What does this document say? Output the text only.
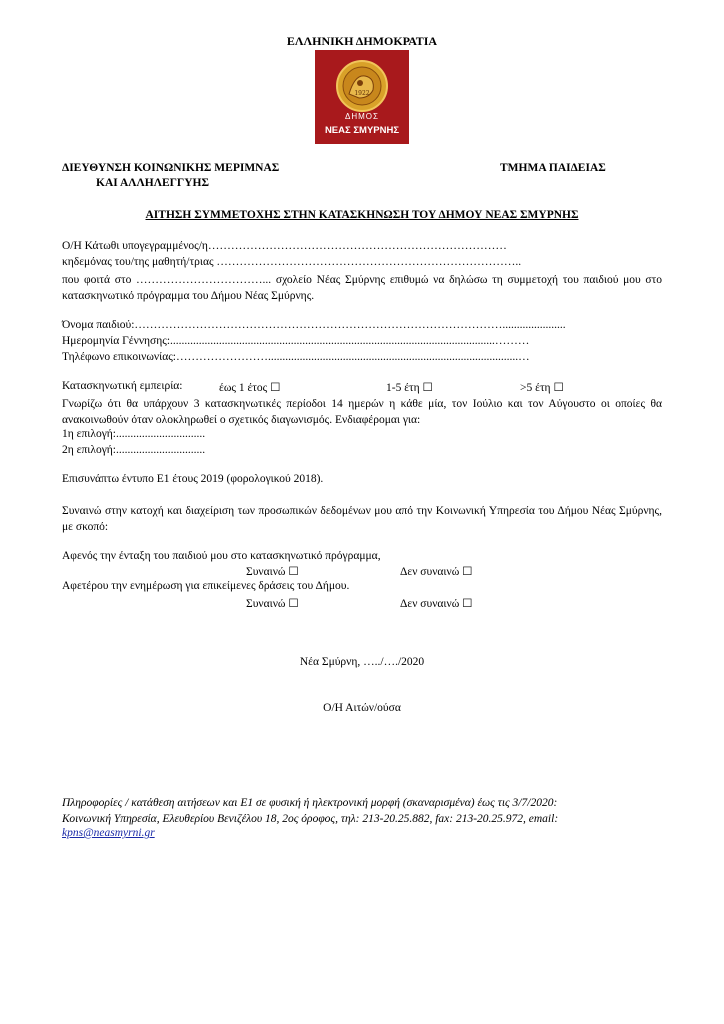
ΕΛΛΗΝΙΚΗ ΔΗΜΟΚΡΑΤΙΑ
1922
ΔΗΜΟΣ
ΝΕΑΣ ΣΜΥΡΝΗΣ
ΔΙΕΥΘΥΝΣΗ ΚΟΙΝΩΝΙΚΗΣ ΜΕΡΙΜΝΑΣ
ΚΑΙ ΑΛΛΗΛΕΓΓΥΗΣ
ΤΜΗΜΑ ΠΑΙΔΕΙΑΣ
ΑΙΤΗΣΗ ΣΥΜΜΕΤΟΧΗΣ ΣΤΗΝ ΚΑΤΑΣΚΗΝΩΣΗ ΤΟΥ ΔΗΜΟΥ ΝΕΑΣ ΣΜΥΡΝΗΣ
Ο/Η Κάτωθι υπογεγραμμένος/η……………………………………………………………………
κηδεμόνας του/της μαθητή/τριας ……………………………………………………………………..
που φοιτά στο ……………………………... σχολείο Νέας Σμύρνης επιθυμώ να δηλώσω τη συμμετοχή του παιδιού μου στο κατασκηνωτικό πρόγραμμα του Δήμου Νέας Σμύρνης.
Όνομα παιδιού:……………………………………………………………………………………......................
Ημερομηνία Γέννησης:.................................................................................................................………
Τηλέφωνο επικοινωνίας:…………………….......................................................................................…
Κατασκηνωτική εμπειρία:	έως 1 έτος ☐	1-5 έτη ☐	>5 έτη ☐
Γνωρίζω ότι θα υπάρχουν 3 κατασκηνωτικές περίοδοι 14 ημερών η κάθε μία, τον Ιούλιο και τον Αύγουστο οι οποίες θα ανακοινωθούν όταν ολοκληρωθεί ο σχετικός διαγωνισμός. Ενδιαφέρομαι για:
1η επιλογή:...............................
2η επιλογή:...............................
Επισυνάπτω έντυπο Ε1 έτους 2019 (φορολογικού 2018).
Συναινώ στην κατοχή και διαχείριση των προσωπικών δεδομένων μου από την Κοινωνική Υπηρεσία του Δήμου Νέας Σμύρνης, με σκοπό:
Αφενός την ένταξη του παιδιού μου στο κατασκηνωτικό πρόγραμμα,
Συναινώ ☐	Δεν συναινώ ☐
Αφετέρου την ενημέρωση για επικείμενες δράσεις του Δήμου.
Συναινώ ☐	Δεν συναινώ ☐
Νέα Σμύρνη, …../…./2020
Ο/Η Αιτών/ούσα
Πληροφορίες / κατάθεση αιτήσεων και Ε1 σε φυσική ή ηλεκτρονική μορφή (σκαναρισμένα) έως τις 3/7/2020:
Κοινωνική Υπηρεσία, Ελευθερίου Βενιζέλου 18, 2ος όροφος, τηλ: 213-20.25.882, fax: 213-20.25.972, email:
kpns@neasmyrni.gr
